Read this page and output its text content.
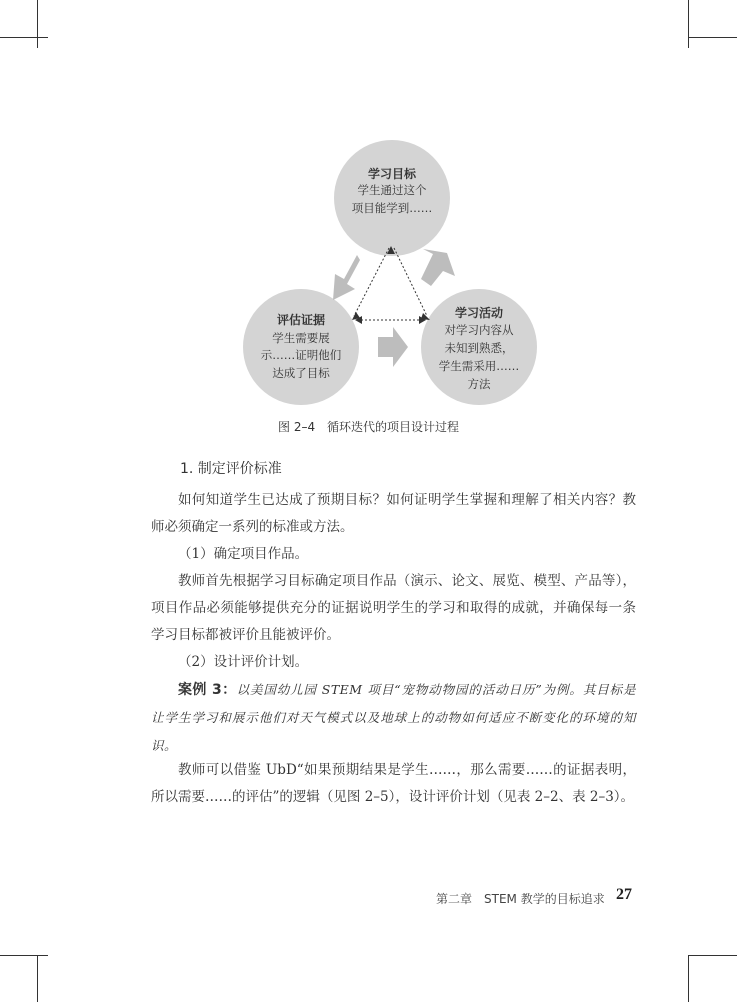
学习目标
学生通过这个
项目能学到……
评估证据
学生需要展
示……证明他们
达成了目标
学习活动
对学习内容从
未知到熟悉，
学生需采用……
方法
图 2–4 循环迭代的项目设计过程
1. 制定评价标准
如何知道学生已达成了预期目标？如何证明学生掌握和理解了相关内容？教师必须确定一系列的标准或方法。
（1）确定项目作品。
教师首先根据学习目标确定项目作品（演示、论文、展览、模型、产品等），项目作品必须能够提供充分的证据说明学生的学习和取得的成就，并确保每一条学习目标都被评价且能被评价。
（2）设计评价计划。
案例 3：以美国幼儿园 STEM 项目“宠物动物园的活动日历”为例。其目标是让学生学习和展示他们对天气模式以及地球上的动物如何适应不断变化的环境的知识。
教师可以借鉴 UbD“如果预期结果是学生……，那么需要……的证据表明，所以需要……的评估”的逻辑（见图 2–5），设计评价计划（见表 2–2、表 2–3）。
第二章　STEM 教学的目标追求 27
